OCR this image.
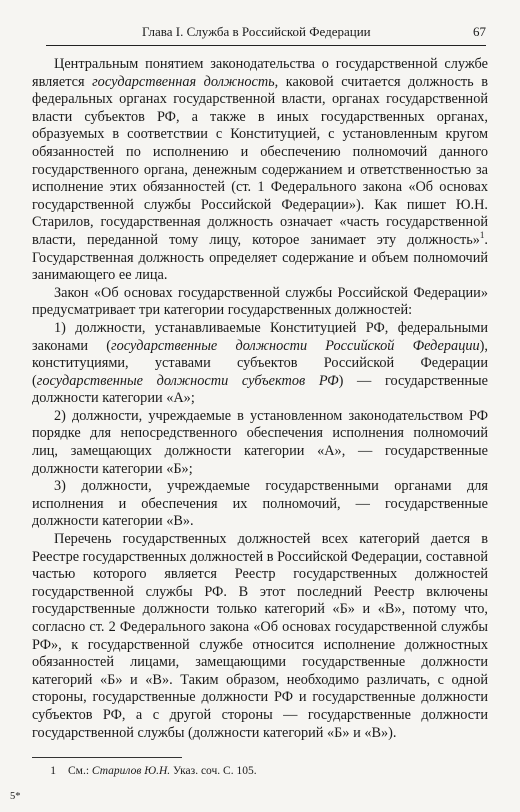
Глава I. Служба в Российской Федерации	67

Центральным понятием законодательства о государственной службе является государственная должность, каковой считается должность в федеральных органах государственной власти, органах государственной власти субъектов РФ, а также в иных государственных органах, образуемых в соответствии с Конституцией, с установленным кругом обязанностей по исполнению и обеспечению полномочий данного государственного органа, денежным содержанием и ответственностью за исполнение этих обязанностей (ст. 1 Федерального закона «Об основах государственной службы Российской Федерации»). Как пишет Ю.Н. Старилов, государственная должность означает «часть государственной власти, переданной тому лицу, которое занимает эту должность»$^1$. Государственная должность определяет содержание и объем полномочий занимающего ее лица.

Закон «Об основах государственной службы Российской Федерации» предусматривает три категории государственных должностей:

1) должности, устанавливаемые Конституцией РФ, федеральными законами (государственные должности Российской Федерации), конституциями, уставами субъектов Российской Федерации (государственные должности субъектов РФ) — государственные должности категории «А»;

2) должности, учреждаемые в установленном законодательством РФ порядке для непосредственного обеспечения исполнения полномочий лиц, замещающих должности категории «А», — государственные должности категории «Б»;

3) должности, учреждаемые государственными органами для исполнения и обеспечения их полномочий, — государственные должности категории «В».

Перечень государственных должностей всех категорий дается в Реестре государственных должностей в Российской Федерации, составной частью которого является Реестр государственных должностей государственной службы РФ. В этот последний Реестр включены государственные должности только категорий «Б» и «В», потому что, согласно ст. 2 Федерального закона «Об основах государственной службы РФ», к государственной службе относится исполнение должностных обязанностей лицами, замещающими государственные должности категорий «Б» и «В». Таким образом, необходимо различать, с одной стороны, государственные должности РФ и государственные должности субъектов РФ, а с другой стороны — государственные должности государственной службы (должности категорий «Б» и «В»).

1 См.: Старилов Ю.Н. Указ. соч. С. 105.
5*
